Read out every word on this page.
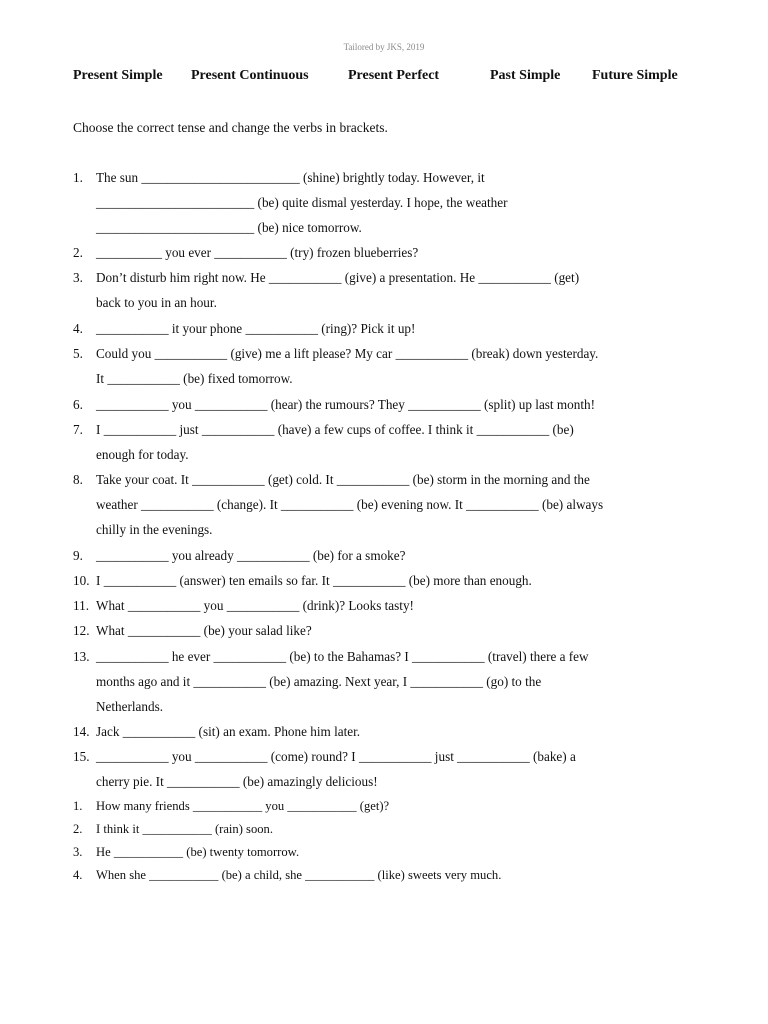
Tailored by JKS, 2019
Present Simple Present Continuous	Present Perfect	Past Simple Future Simple
Choose the correct tense and change the verbs in brackets.
1. The sun ________________________ (shine) brightly today. However, it
________________________ (be) quite dismal yesterday. I hope, the weather
________________________ (be) nice tomorrow.
2. __________ you ever ___________ (try) frozen blueberries?
3. Don’t disturb him right now. He ___________ (give) a presentation. He ___________ (get)
back to you in an hour.
4. ___________ it your phone ___________ (ring)? Pick it up!
5. Could you ___________ (give) me a lift please? My car ___________ (break) down yesterday.
It ___________ (be) fixed tomorrow.
6. ___________ you ___________ (hear) the rumours? They ___________ (split) up last month!
7. I ___________ just ___________ (have) a few cups of coffee. I think it ___________ (be)
enough for today.
8. Take your coat. It ___________ (get) cold. It ___________ (be) storm in the morning and the
weather ___________ (change). It ___________ (be) evening now. It ___________ (be) always
chilly in the evenings.
9. ___________ you already ___________ (be) for a smoke?
10. I ___________ (answer) ten emails so far. It ___________ (be) more than enough.
11. What ___________ you ___________ (drink)? Looks tasty!
12. What ___________ (be) your salad like?
13. ___________ he ever ___________ (be) to the Bahamas? I ___________ (travel) there a few
months ago and it ___________ (be) amazing. Next year, I ___________ (go) to the
Netherlands.
14. Jack ___________ (sit) an exam. Phone him later.
15. ___________ you ___________ (come) round? I ___________ just ___________ (bake) a
cherry pie. It ___________ (be) amazingly delicious!
1.	How many friends ___________ you ___________ (get)?
2.	I think it ___________ (rain) soon.
3.	He ___________ (be) twenty tomorrow.
4.	When she ___________ (be) a child, she ___________ (like) sweets very much.
